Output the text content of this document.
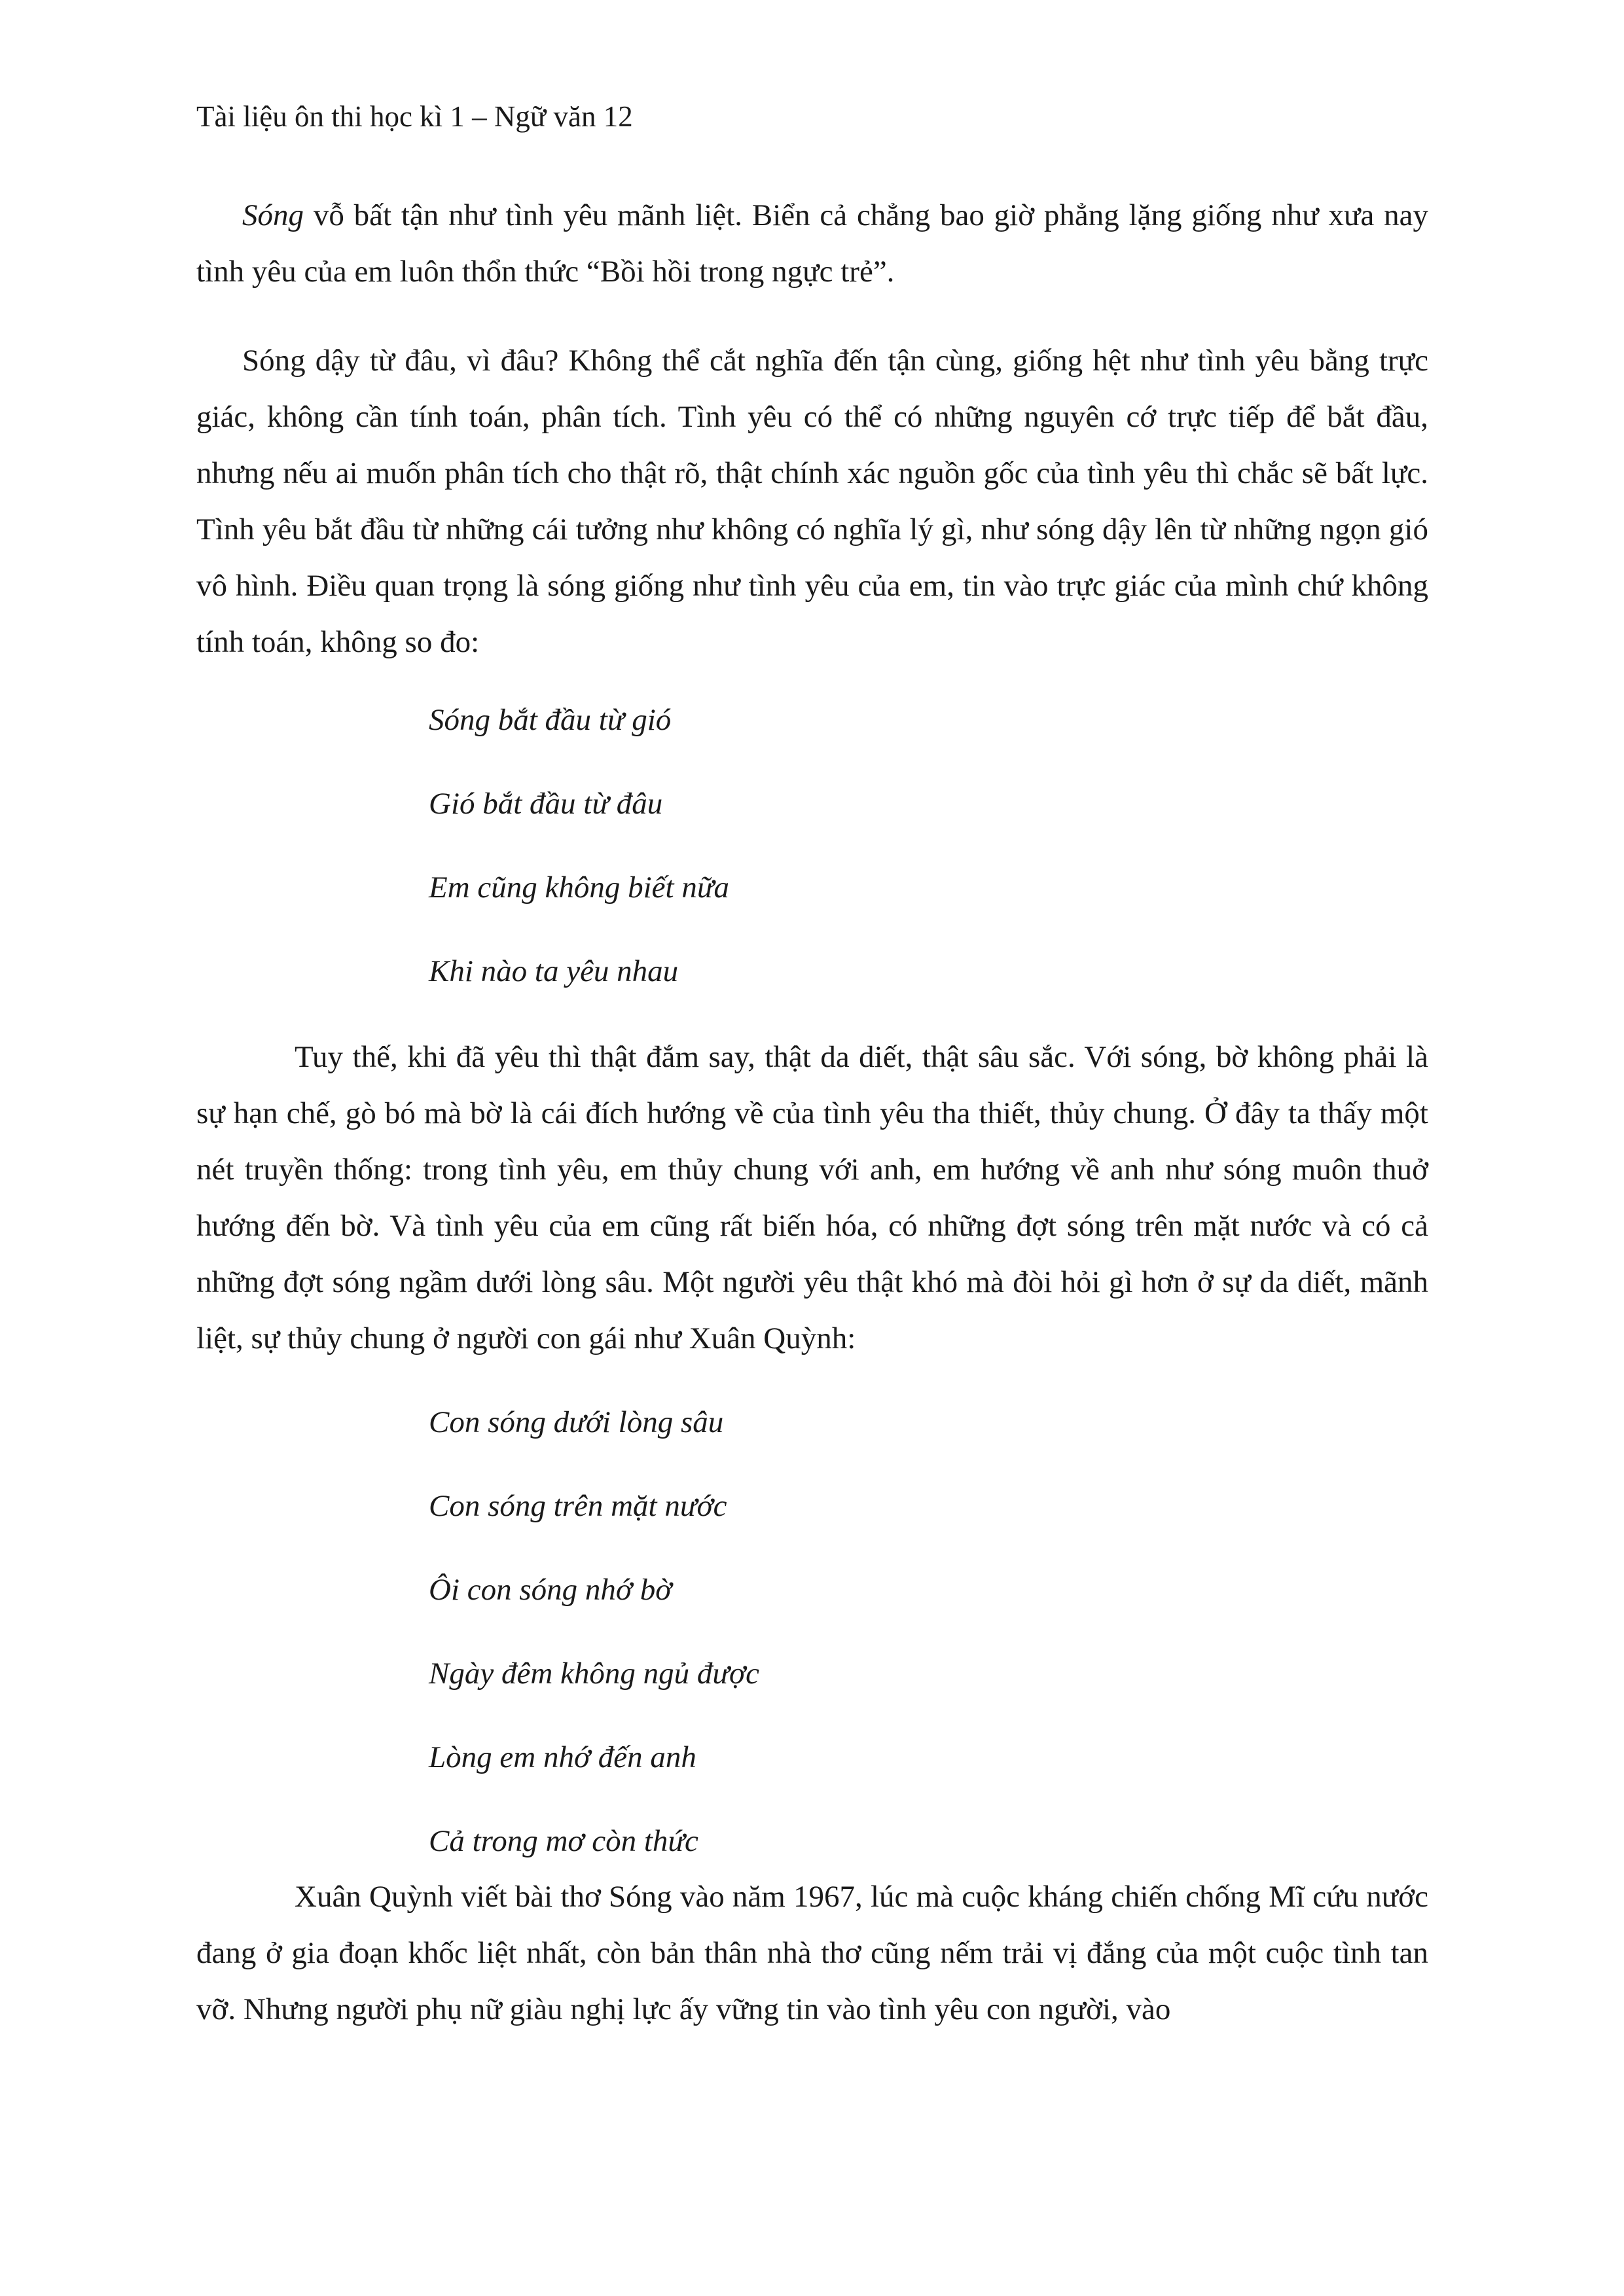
Tài liệu ôn thi học kì 1 – Ngữ văn 12

Sóng vỗ bất tận như tình yêu mãnh liệt. Biển cả chẳng bao giờ phẳng lặng giống như xưa nay tình yêu của em luôn thổn thức “Bồi hồi trong ngực trẻ”.

Sóng dậy từ đâu, vì đâu? Không thể cắt nghĩa đến tận cùng, giống hệt như tình yêu bằng trực giác, không cần tính toán, phân tích. Tình yêu có thể có những nguyên cớ trực tiếp để bắt đầu, nhưng nếu ai muốn phân tích cho thật rõ, thật chính xác nguồn gốc của tình yêu thì chắc sẽ bất lực. Tình yêu bắt đầu từ những cái tưởng như không có nghĩa lý gì, như sóng dậy lên từ những ngọn gió vô hình. Điều quan trọng là sóng giống như tình yêu của em, tin vào trực giác của mình chứ không tính toán, không so đo:

Sóng bắt đầu từ gió
Gió bắt đầu từ đâu
Em cũng không biết nữa
Khi nào ta yêu nhau

Tuy thế, khi đã yêu thì thật đắm say, thật da diết, thật sâu sắc. Với sóng, bờ không phải là sự hạn chế, gò bó mà bờ là cái đích hướng về của tình yêu tha thiết, thủy chung. Ở đây ta thấy một nét truyền thống: trong tình yêu, em thủy chung với anh, em hướng về anh như sóng muôn thuở hướng đến bờ. Và tình yêu của em cũng rất biến hóa, có những đợt sóng trên mặt nước và có cả những đợt sóng ngầm dưới lòng sâu. Một người yêu thật khó mà đòi hỏi gì hơn ở sự da diết, mãnh liệt, sự thủy chung ở người con gái như Xuân Quỳnh:

Con sóng dưới lòng sâu
Con sóng trên mặt nước
Ôi con sóng nhớ bờ
Ngày đêm không ngủ được
Lòng em nhớ đến anh
Cả trong mơ còn thức

Xuân Quỳnh viết bài thơ Sóng vào năm 1967, lúc mà cuộc kháng chiến chống Mĩ cứu nước đang ở gia đoạn khốc liệt nhất, còn bản thân nhà thơ cũng nếm trải vị đắng của một cuộc tình tan vỡ. Nhưng người phụ nữ giàu nghị lực ấy vững tin vào tình yêu con người, vào
